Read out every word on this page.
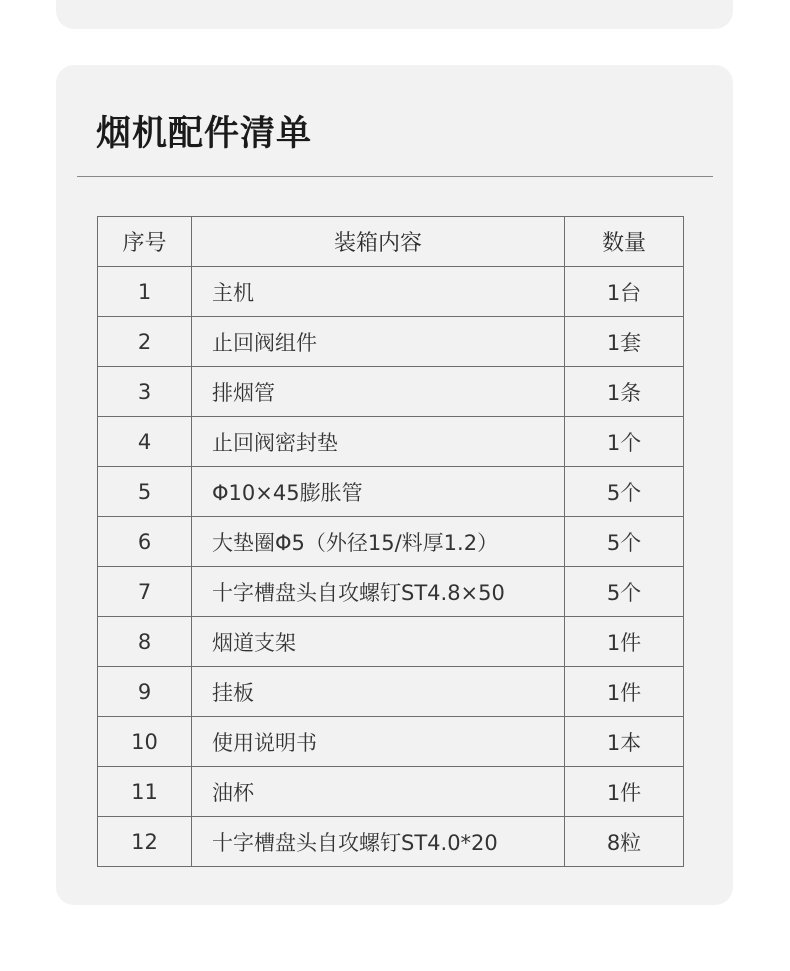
烟机配件清单
序号	装箱内容	数量
1	主机	1台
2	止回阀组件	1套
3	排烟管	1条
4	止回阀密封垫	1个
5	Φ10×45膨胀管	5个
6	大垫圈Φ5（外径15/料厚1.2）	5个
7	十字槽盘头自攻螺钉ST4.8×50	5个
8	烟道支架	1件
9	挂板	1件
10	使用说明书	1本
11	油杯	1件
12	十字槽盘头自攻螺钉ST4.0*20	8粒
